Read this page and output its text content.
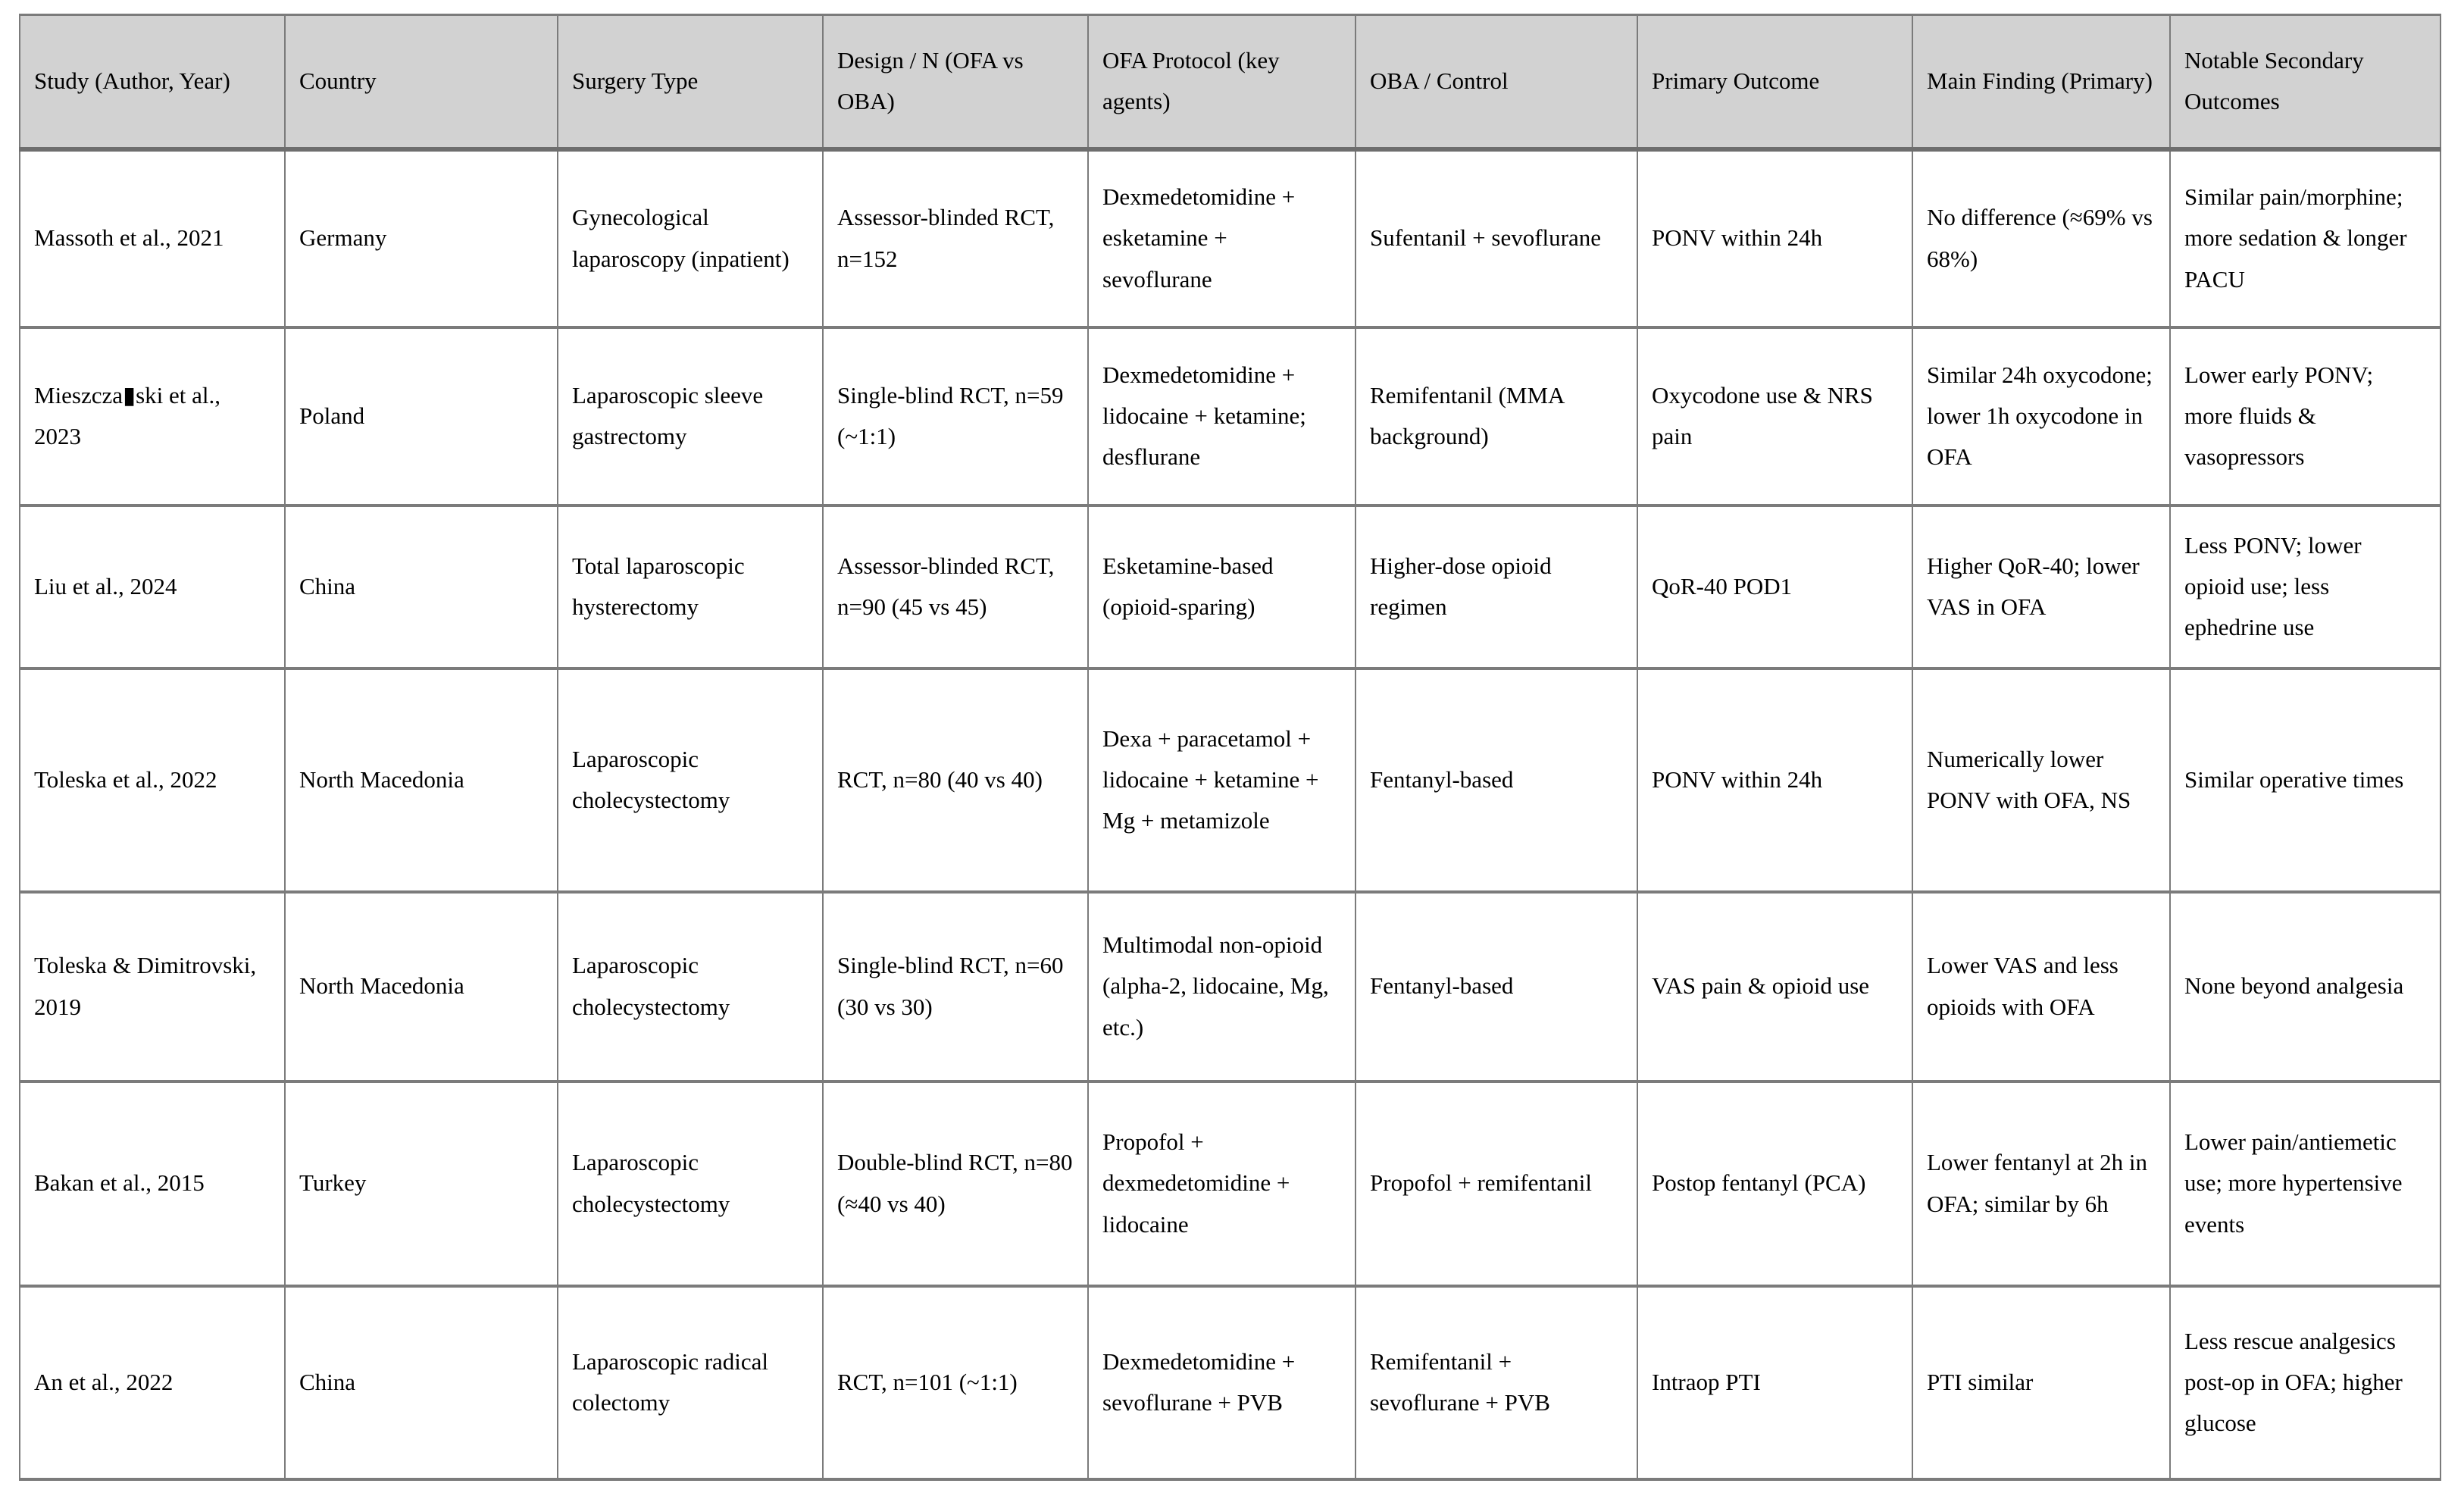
Study (Author, Year)	Country	Surgery Type	Design / N (OFA vs OBA)	OFA Protocol (key agents)	OBA / Control	Primary Outcome	Main Finding (Primary)	Notable Secondary Outcomes
Massoth et al., 2021	Germany	Gynecological laparoscopy (inpatient)	Assessor-blinded RCT, n=152	Dexmedetomidine + esketamine + sevoflurane	Sufentanil + sevoflurane	PONV within 24h	No difference (≈69% vs 68%)	Similar pain/morphine; more sedation & longer PACU
Mieszcza▮ski et al., 2023	Poland	Laparoscopic sleeve gastrectomy	Single-blind RCT, n=59 (~1:1)	Dexmedetomidine + lidocaine + ketamine; desflurane	Remifentanil (MMA background)	Oxycodone use & NRS pain	Similar 24h oxycodone; lower 1h oxycodone in OFA	Lower early PONV; more fluids & vasopressors
Liu et al., 2024	China	Total laparoscopic hysterectomy	Assessor-blinded RCT, n=90 (45 vs 45)	Esketamine-based (opioid-sparing)	Higher-dose opioid regimen	QoR-40 POD1	Higher QoR-40; lower VAS in OFA	Less PONV; lower opioid use; less ephedrine use
Toleska et al., 2022	North Macedonia	Laparoscopic cholecystectomy	RCT, n=80 (40 vs 40)	Dexa + paracetamol + lidocaine + ketamine + Mg + metamizole	Fentanyl-based	PONV within 24h	Numerically lower PONV with OFA, NS	Similar operative times
Toleska & Dimitrovski, 2019	North Macedonia	Laparoscopic cholecystectomy	Single-blind RCT, n=60 (30 vs 30)	Multimodal non-opioid (alpha-2, lidocaine, Mg, etc.)	Fentanyl-based	VAS pain & opioid use	Lower VAS and less opioids with OFA	None beyond analgesia
Bakan et al., 2015	Turkey	Laparoscopic cholecystectomy	Double-blind RCT, n=80 (≈40 vs 40)	Propofol + dexmedetomidine + lidocaine	Propofol + remifentanil	Postop fentanyl (PCA)	Lower fentanyl at 2h in OFA; similar by 6h	Lower pain/antiemetic use; more hypertensive events
An et al., 2022	China	Laparoscopic radical colectomy	RCT, n=101 (~1:1)	Dexmedetomidine + sevoflurane + PVB	Remifentanil + sevoflurane + PVB	Intraop PTI	PTI similar	Less rescue analgesics post-op in OFA; higher glucose
